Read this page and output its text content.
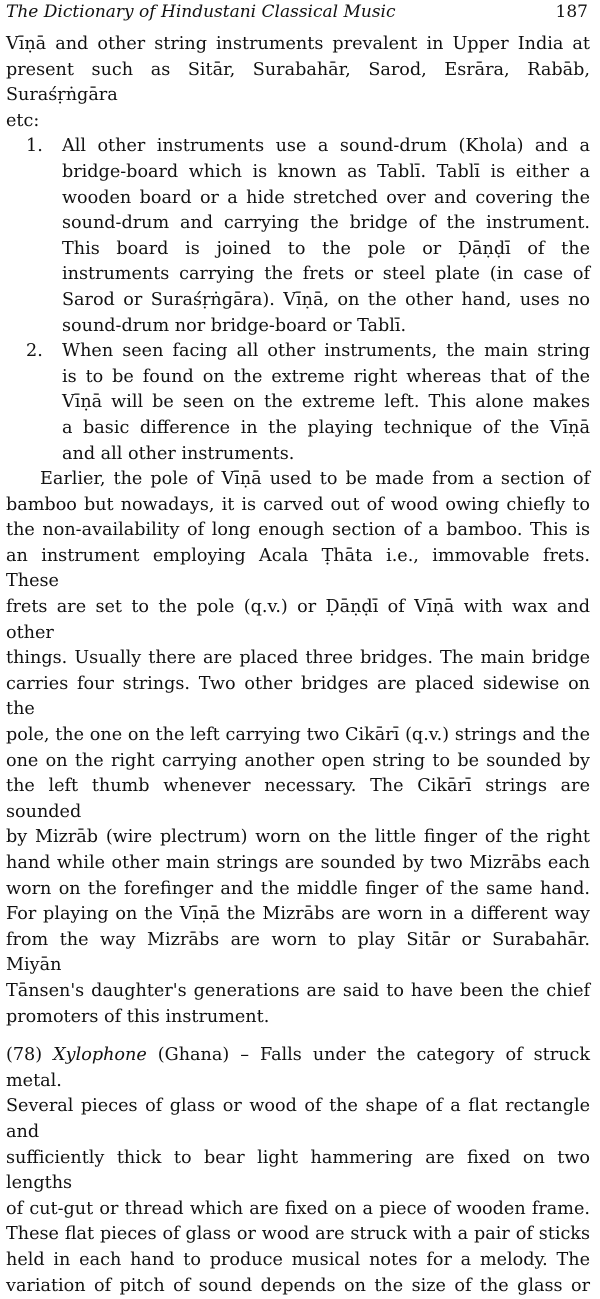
The Dictionary of Hindustani Classical Music	187
Vīṇā and other string instruments prevalent in Upper India at
present such as Sitār, Surabahār, Sarod, Esrāra, Rabāb, Suraśṛṅgāra
etc:
1. All other instruments use a sound-drum (Khola) and a
bridge-board which is known as Tablī. Tablī is either a
wooden board or a hide stretched over and covering the
sound-drum and carrying the bridge of the instrument.
This board is joined to the pole or Ḍāṇḍī of the
instruments carrying the frets or steel plate (in case of
Sarod or Suraśṛṅgāra). Vīṇā, on the other hand, uses no
sound-drum nor bridge-board or Tablī.
2. When seen facing all other instruments, the main string
is to be found on the extreme right whereas that of the
Vīṇā will be seen on the extreme left. This alone makes
a basic difference in the playing technique of the Vīṇā
and all other instruments.
Earlier, the pole of Vīṇā used to be made from a section of
bamboo but nowadays, it is carved out of wood owing chiefly to
the non-availability of long enough section of a bamboo. This is
an instrument employing Acala Ṭhāta i.e., immovable frets. These
frets are set to the pole (q.v.) or Ḍāṇḍī of Vīṇā with wax and other
things. Usually there are placed three bridges. The main bridge
carries four strings. Two other bridges are placed sidewise on the
pole, the one on the left carrying two Cikārī (q.v.) strings and the
one on the right carrying another open string to be sounded by
the left thumb whenever necessary. The Cikārī strings are sounded
by Mizrāb (wire plectrum) worn on the little finger of the right
hand while other main strings are sounded by two Mizrābs each
worn on the forefinger and the middle finger of the same hand.
For playing on the Vīṇā the Mizrābs are worn in a different way
from the way Mizrābs are worn to play Sitār or Surabahār. Miyān
Tānsen's daughter's generations are said to have been the chief
promoters of this instrument.
(78) Xylophone (Ghana) – Falls under the category of struck metal.
Several pieces of glass or wood of the shape of a flat rectangle and
sufficiently thick to bear light hammering are fixed on two lengths
of cut-gut or thread which are fixed on a piece of wooden frame.
These flat pieces of glass or wood are struck with a pair of sticks
held in each hand to produce musical notes for a melody. The
variation of pitch of sound depends on the size of the glass or
